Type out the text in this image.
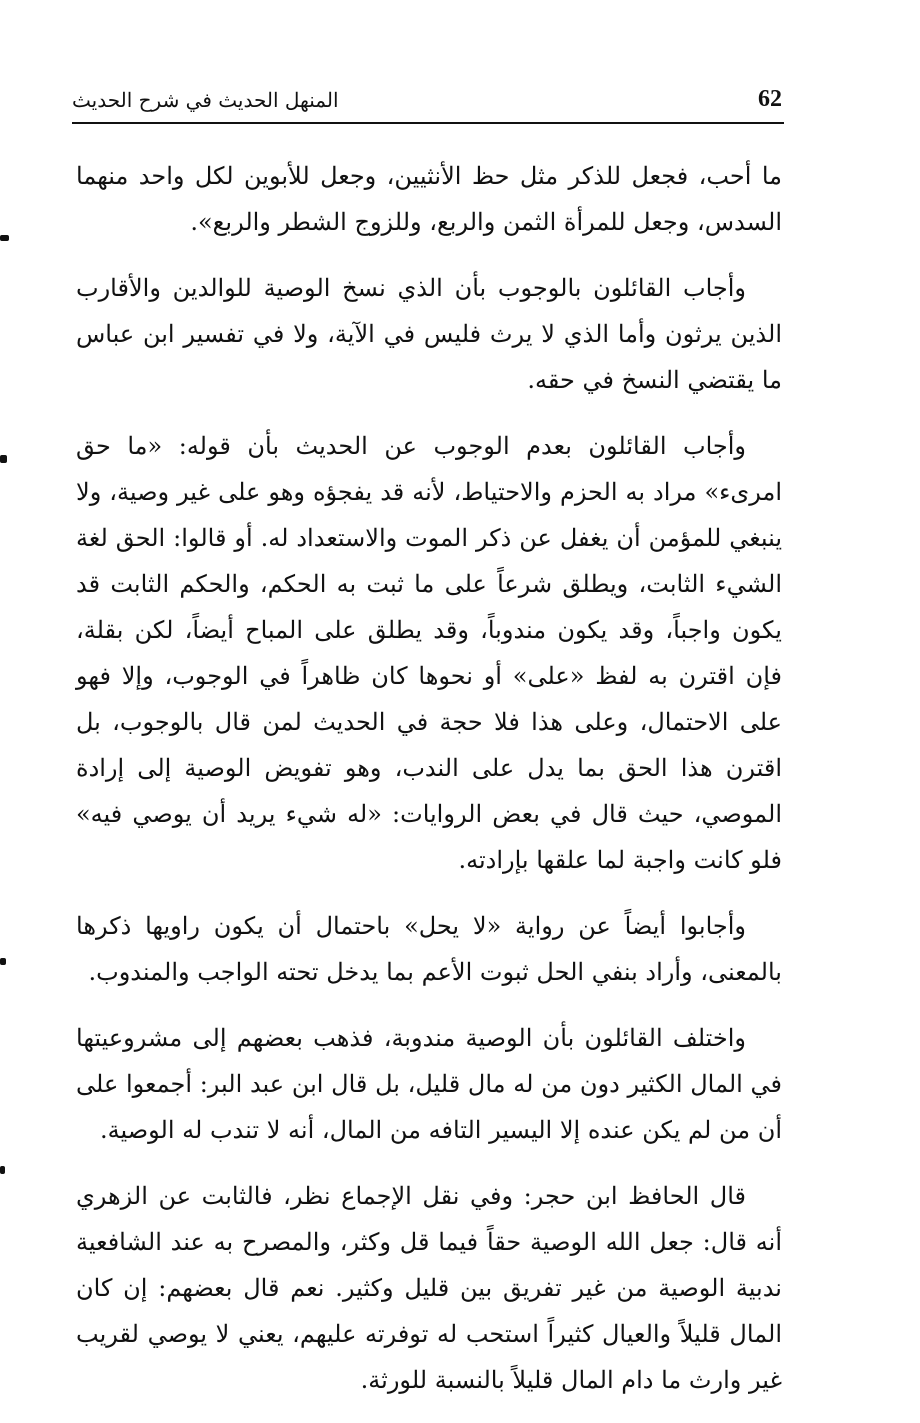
62
المنهل الحديث في شرح الحديث

ما أحب، فجعل للذكر مثل حظ الأنثيين، وجعل للأبوين لكل واحد منهما السدس، وجعل للمرأة الثمن والربع، وللزوج الشطر والربع».

وأجاب القائلون بالوجوب بأن الذي نسخ الوصية للوالدين والأقارب الذين يرثون وأما الذي لا يرث فليس في الآية، ولا في تفسير ابن عباس ما يقتضي النسخ في حقه.

وأجاب القائلون بعدم الوجوب عن الحديث بأن قوله: «ما حق امرىء» مراد به الحزم والاحتياط، لأنه قد يفجؤه وهو على غير وصية، ولا ينبغي للمؤمن أن يغفل عن ذكر الموت والاستعداد له. أو قالوا: الحق لغة الشيء الثابت، ويطلق شرعاً على ما ثبت به الحكم، والحكم الثابت قد يكون واجباً، وقد يكون مندوباً، وقد يطلق على المباح أيضاً، لكن بقلة، فإن اقترن به لفظ «على» أو نحوها كان ظاهراً في الوجوب، وإلا فهو على الاحتمال، وعلى هذا فلا حجة في الحديث لمن قال بالوجوب، بل اقترن هذا الحق بما يدل على الندب، وهو تفويض الوصية إلى إرادة الموصي، حيث قال في بعض الروايات: «له شيء يريد أن يوصي فيه» فلو كانت واجبة لما علقها بإرادته.

وأجابوا أيضاً عن رواية «لا يحل» باحتمال أن يكون راويها ذكرها بالمعنى، وأراد بنفي الحل ثبوت الأعم بما يدخل تحته الواجب والمندوب.

واختلف القائلون بأن الوصية مندوبة، فذهب بعضهم إلى مشروعيتها في المال الكثير دون من له مال قليل، بل قال ابن عبد البر: أجمعوا على أن من لم يكن عنده إلا اليسير التافه من المال، أنه لا تندب له الوصية.

قال الحافظ ابن حجر: وفي نقل الإجماع نظر، فالثابت عن الزهري أنه قال: جعل الله الوصية حقاً فيما قل وكثر، والمصرح به عند الشافعية ندبية الوصية من غير تفريق بين قليل وكثير. نعم قال بعضهم: إن كان المال قليلاً والعيال كثيراً استحب له توفرته عليهم، يعني لا يوصي لقريب غير وارث ما دام المال قليلاً بالنسبة للورثة.
